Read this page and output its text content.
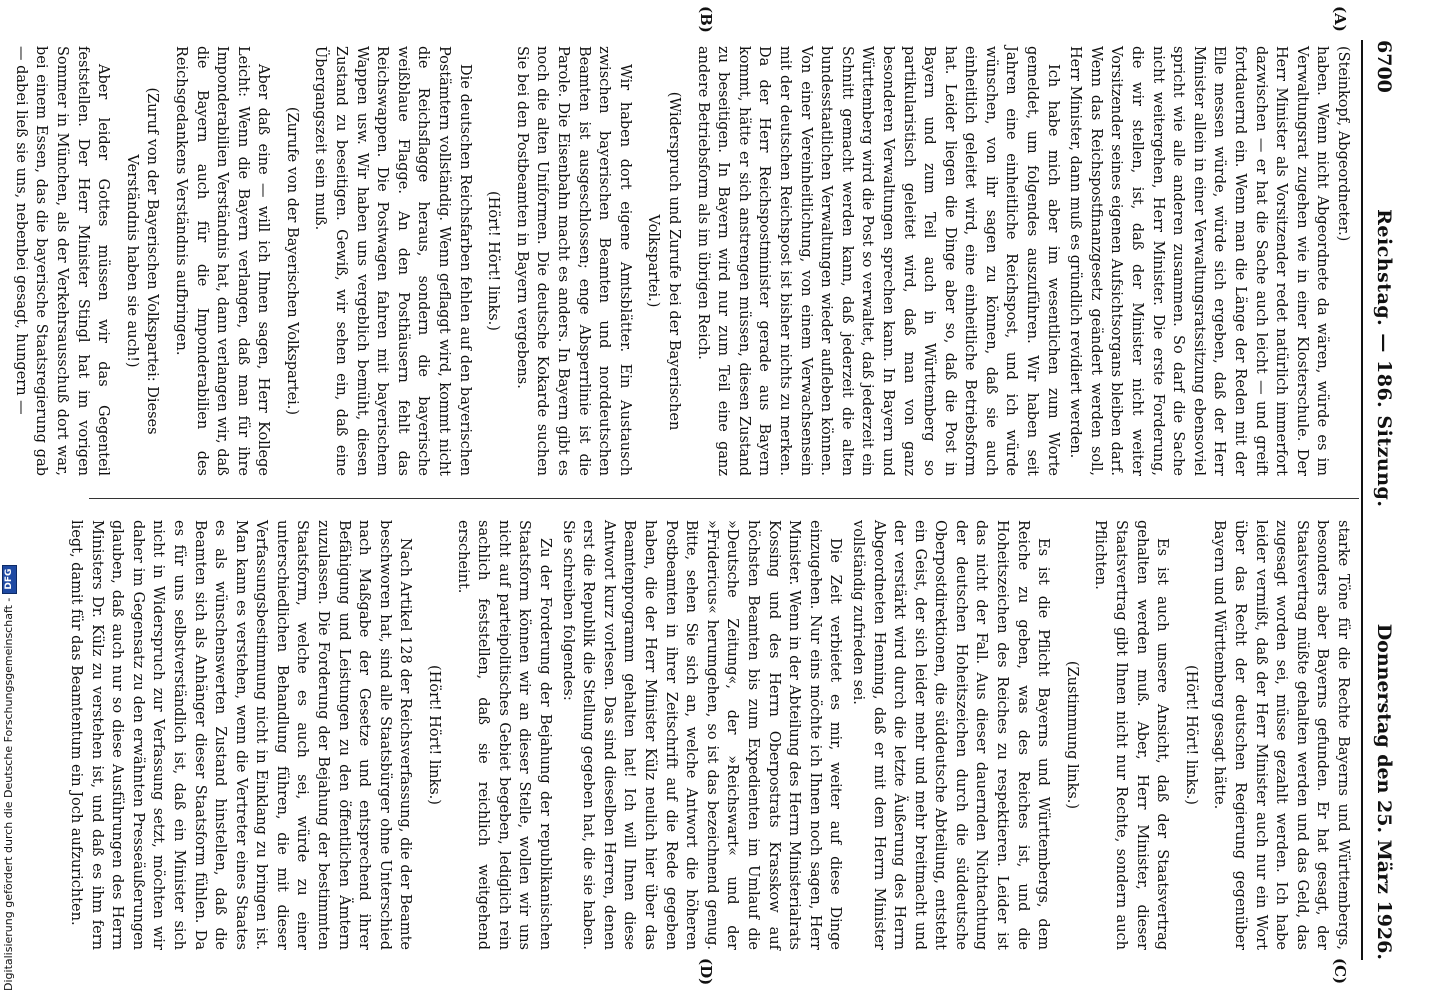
Digitalisierung gefördert durch die Deutsche Forschungsgemeinschaft -
DFG
6700
Reichstag. — 186. Sitzung.
Donnerstag den 25. März 1926.
(A)
(B)
(C)
(D)

(Steinkopf, Abgeordneter.)

haben. Wenn nicht Abgeordnete da wären, würde es im Verwaltungsrat zugehen wie in einer Klosterschule. Der Herr Minister als Vorsitzender redet natürlich immerfort dazwischen — er hat die Sache auch leicht — und greift fortdauernd ein. Wenn man die Länge der Reden mit der Elle messen würde, würde sich ergeben, daß der Herr Minister allein in einer Verwaltungsratssitzung ebensoviel spricht wie alle anderen zusammen. So darf die Sache nicht weitergehen, Herr Minister. Die erste Forderung, die wir stellen, ist, daß der Minister nicht weiter Vorsitzender seines eigenen Aufsichtsorgans bleiben darf. Wenn das Reichspostfinanzgesetz geändert werden soll, Herr Minister, dann muß es gründlich revidiert werden.

Ich habe mich aber im wesentlichen zum Worte gemeldet, um folgendes auszuführen. Wir haben seit Jahren eine einheitliche Reichspost, und ich würde wünschen, von ihr sagen zu können, daß sie auch einheitlich geleitet wird, eine einheitliche Betriebsform hat. Leider liegen die Dinge aber so, daß die Post in Bayern und zum Teil auch in Württemberg so partikularistisch geleitet wird, daß man von ganz besonderen Verwaltungen sprechen kann. In Bayern und Württemberg wird die Post so verwaltet, daß jederzeit ein Schnitt gemacht werden kann, daß jederzeit die alten bundesstaatlichen Verwaltungen wieder aufleben können. Von einer Vereinheitlichung, von einem Verwachsensein mit der deutschen Reichspost ist bisher nichts zu merken. Da der Herr Reichspostminister gerade aus Bayern kommt, hätte er sich anstrengen müssen, diesen Zustand zu beseitigen. In Bayern wird nur zum Teil eine ganz andere Betriebsform als im übrigen Reich.

(Widerspruch und Zurufe bei der Bayerischen Volkspartei.)

Wir haben dort eigene Amtsblätter. Ein Austausch zwischen bayerischen Beamten und norddeutschen Beamten ist ausgeschlossen; enge Absperrlinie ist die Parole. Die Eisenbahn macht es anders. In Bayern gibt es noch die alten Uniformen. Die deutsche Kokarde suchen Sie bei den Postbeamten in Bayern vergebens.

(Hört! Hört! links.)

Die deutschen Reichsfarben fehlen auf den bayerischen Postämtern vollständig. Wenn geflaggt wird, kommt nicht die Reichsflagge heraus, sondern die bayerische weißblaue Flagge. An den Posthäusern fehlt das Reichswappen. Die Postwagen fahren mit bayerischem Wappen usw. Wir haben uns vergeblich bemüht, diesen Zustand zu beseitigen. Gewiß, wir sehen ein, daß eine Übergangszeit sein muß.

(Zurufe von der Bayerischen Volkspartei.)

Aber daß eine — will ich Ihnen sagen, Herr Kollege Leicht: Wenn die Bayern verlangen, daß man für ihre Imponderabilien Verständnis hat, dann verlangen wir, daß die Bayern auch für die Imponderabilien des Reichsgedankens Verständnis aufbringen.

(Zuruf von der Bayerischen Volkspartei: Dieses Verständnis haben sie auch!)

Aber leider Gottes müssen wir das Gegenteil feststellen. Der Herr Minister Stingl hat im vorigen Sommer in München, als der Verkehrsausschuß dort war, bei einem Essen, das die bayerische Staatsregierung gab — dabei ließ sie uns, nebenbei gesagt, hungern —

starke Töne für die Rechte Bayerns und Württembergs, besonders aber Bayerns gefunden. Er hat gesagt, der Staatsvertrag müßte gehalten werden und das Geld, das zugesagt worden sei, müsse gezahlt werden. Ich habe leider vermißt, daß der Herr Minister auch nur ein Wort über das Recht der deutschen Regierung gegenüber Bayern und Württemberg gesagt hätte.

(Hört! Hört! links.)

Es ist auch unsere Ansicht, daß der Staatsvertrag gehalten werden muß. Aber, Herr Minister, dieser Staatsvertrag gibt Ihnen nicht nur Rechte, sondern auch Pflichten.

(Zustimmung links.)

Es ist die Pflicht Bayerns und Württembergs, dem Reiche zu geben, was des Reiches ist, und die Hoheitszeichen des Reiches zu respektieren. Leider ist das nicht der Fall. Aus dieser dauernden Nichtachtung der deutschen Hoheitszeichen durch die süddeutsche Oberpostdirektionen, die süddeutsche Abteilung, entsteht ein Geist, der sich leider mehr und mehr breitmacht und der verstärkt wird durch die letzte Äußerung des Herrn Abgeordneten Henning, daß er mit dem Herrn Minister vollständig zufrieden sei.

Die Zeit verbietet es mir, weiter auf diese Dinge einzugehen. Nur eins möchte ich Ihnen noch sagen, Herr Minister. Wenn in der Abteilung des Herrn Ministerialrats Kossing und des Herrn Oberpostrats Krasskow auf höchsten Beamten bis zum Expedienten im Umlauf die »Deutsche Zeitung«, der »Reichswart« und der »Fridericus« herumgehen, so ist das bezeichnend genug. Bitte, sehen Sie sich an, welche Antwort die höheren Postbeamten in ihrer Zeitschrift auf die Rede gegeben haben, die der Herr Minister Külz neulich hier über das Beamtenprogramm gehalten hat! Ich will Ihnen diese Antwort kurz vorlesen. Das sind dieselben Herren, denen erst die Republik die Stellung gegeben hat, die sie haben. Sie schreiben folgendes:

Zu der Forderung der Bejahung der republikanischen Staatsform können wir an dieser Stelle, wollen wir uns nicht auf parteipolitisches Gebiet begeben, lediglich rein sachlich feststellen, daß sie reichlich weitgehend erscheint.

(Hört! Hört! links.)

Nach Artikel 128 der Reichsverfassung, die der Beamte beschworen hat, sind alle Staatsbürger ohne Unterschied nach Maßgabe der Gesetze und entsprechend ihrer Befähigung und Leistungen zu den öffentlichen Ämtern zuzulassen. Die Forderung der Bejahung der bestimmten Staatsform, welche es auch sei, würde zu einer unterschiedlichen Behandlung führen, die mit dieser Verfassungsbestimmung nicht in Einklang zu bringen ist. Man kann es verstehen, wenn die Vertreter eines Staates es als wünschenswerten Zustand hinstellen, daß die Beamten sich als Anhänger dieser Staatsform fühlen. Da es für uns selbstverständlich ist, daß ein Minister sich nicht in Widerspruch zur Verfassung setzt, möchten wir daher im Gegensatz zu den erwähnten Presseäußerungen glauben, daß auch nur so diese Ausführungen des Herrn Ministers Dr. Külz zu verstehen ist, und daß es ihm fern liegt, damit für das Beamtentum ein Joch aufzurichten.
